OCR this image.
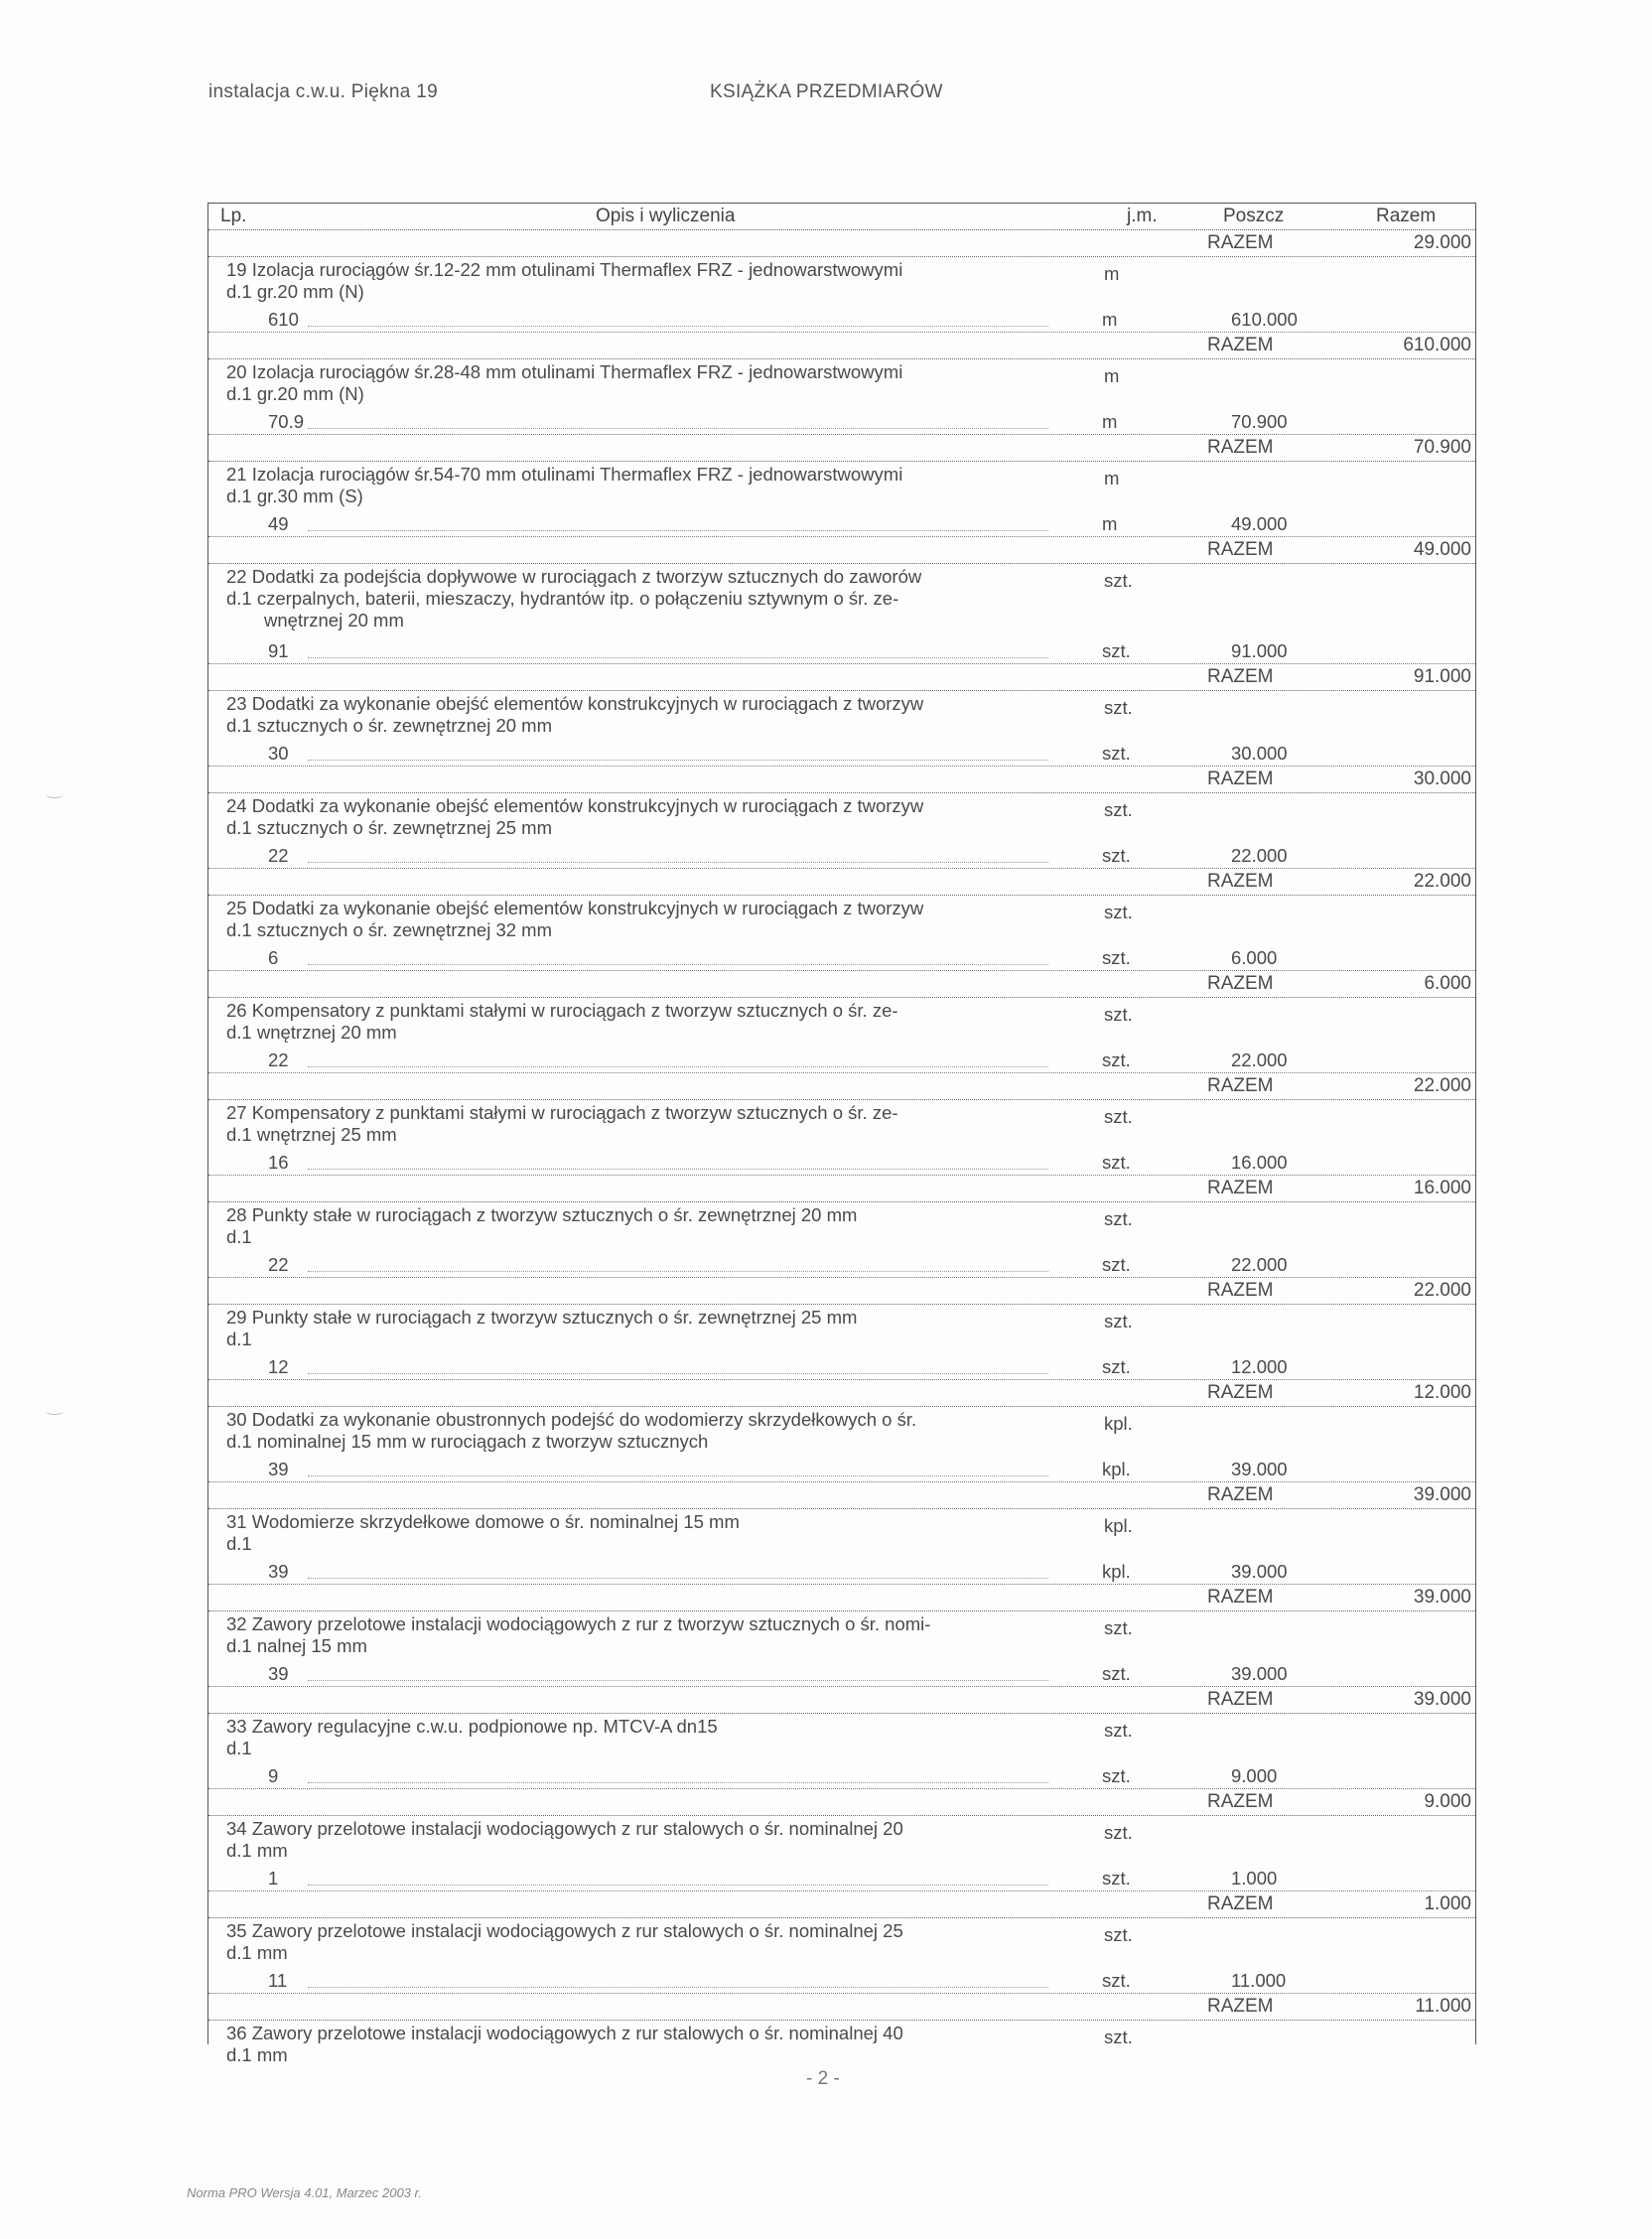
instalacja c.w.u. Piękna 19	KSIĄŻKA PRZEDMIARÓW
Lp.	Opis i wyliczenia	j.m.	Poszcz	Razem
RAZEM	29.000
19 Izolacja rurociągów śr.12-22 mm otulinami Thermaflex FRZ - jednowarstwowymi
d.1 gr.20 mm (N)
m
610	m	610.000
RAZEM	610.000
20 Izolacja rurociągów śr.28-48 mm otulinami Thermaflex FRZ - jednowarstwowymi
d.1 gr.20 mm (N)
m
70.9	m	70.900
RAZEM	70.900
21 Izolacja rurociągów śr.54-70 mm otulinami Thermaflex FRZ - jednowarstwowymi
d.1 gr.30 mm (S)
m
49	m	49.000
RAZEM	49.000
22 Dodatki za podejścia dopływowe w rurociągach z tworzyw sztucznych do zaworów
d.1 czerpalnych, baterii, mieszaczy, hydrantów itp. o połączeniu sztywnym o śr. ze-
wnętrznej 20 mm
szt.
91	szt.	91.000
RAZEM	91.000
23 Dodatki za wykonanie obejść elementów konstrukcyjnych w rurociągach z tworzyw
d.1 sztucznych o śr. zewnętrznej 20 mm
szt.
30	szt.	30.000
RAZEM	30.000
24 Dodatki za wykonanie obejść elementów konstrukcyjnych w rurociągach z tworzyw
d.1 sztucznych o śr. zewnętrznej 25 mm
szt.
22	szt.	22.000
RAZEM	22.000
25 Dodatki za wykonanie obejść elementów konstrukcyjnych w rurociągach z tworzyw
d.1 sztucznych o śr. zewnętrznej 32 mm
szt.
6	szt.	6.000
RAZEM	6.000
26 Kompensatory z punktami stałymi w rurociągach z tworzyw sztucznych o śr. ze-
d.1 wnętrznej 20 mm
szt.
22	szt.	22.000
RAZEM	22.000
27 Kompensatory z punktami stałymi w rurociągach z tworzyw sztucznych o śr. ze-
d.1 wnętrznej 25 mm
szt.
16	szt.	16.000
RAZEM	16.000
28 Punkty stałe w rurociągach z tworzyw sztucznych o śr. zewnętrznej 20 mm
d.1
szt.
22	szt.	22.000
RAZEM	22.000
29 Punkty stałe w rurociągach z tworzyw sztucznych o śr. zewnętrznej 25 mm
d.1
szt.
12	szt.	12.000
RAZEM	12.000
30 Dodatki za wykonanie obustronnych podejść do wodomierzy skrzydełkowych o śr.
d.1 nominalnej 15 mm w rurociągach z tworzyw sztucznych
kpl.
39	kpl.	39.000
RAZEM	39.000
31 Wodomierze skrzydełkowe domowe o śr. nominalnej 15 mm
d.1
kpl.
39	kpl.	39.000
RAZEM	39.000
32 Zawory przelotowe instalacji wodociągowych z rur z tworzyw sztucznych o śr. nomi-
d.1 nalnej 15 mm
szt.
39	szt.	39.000
RAZEM	39.000
33 Zawory regulacyjne c.w.u. podpionowe np. MTCV-A dn15
d.1
szt.
9	szt.	9.000
RAZEM	9.000
34 Zawory przelotowe instalacji wodociągowych z rur stalowych o śr. nominalnej 20
d.1 mm
szt.
1	szt.	1.000
RAZEM	1.000
35 Zawory przelotowe instalacji wodociągowych z rur stalowych o śr. nominalnej 25
d.1 mm
szt.
11	szt.	11.000
RAZEM	11.000
36 Zawory przelotowe instalacji wodociągowych z rur stalowych o śr. nominalnej 40
d.1 mm
szt.
- 2 -
Norma PRO Wersja 4.01, Marzec 2003 r.
